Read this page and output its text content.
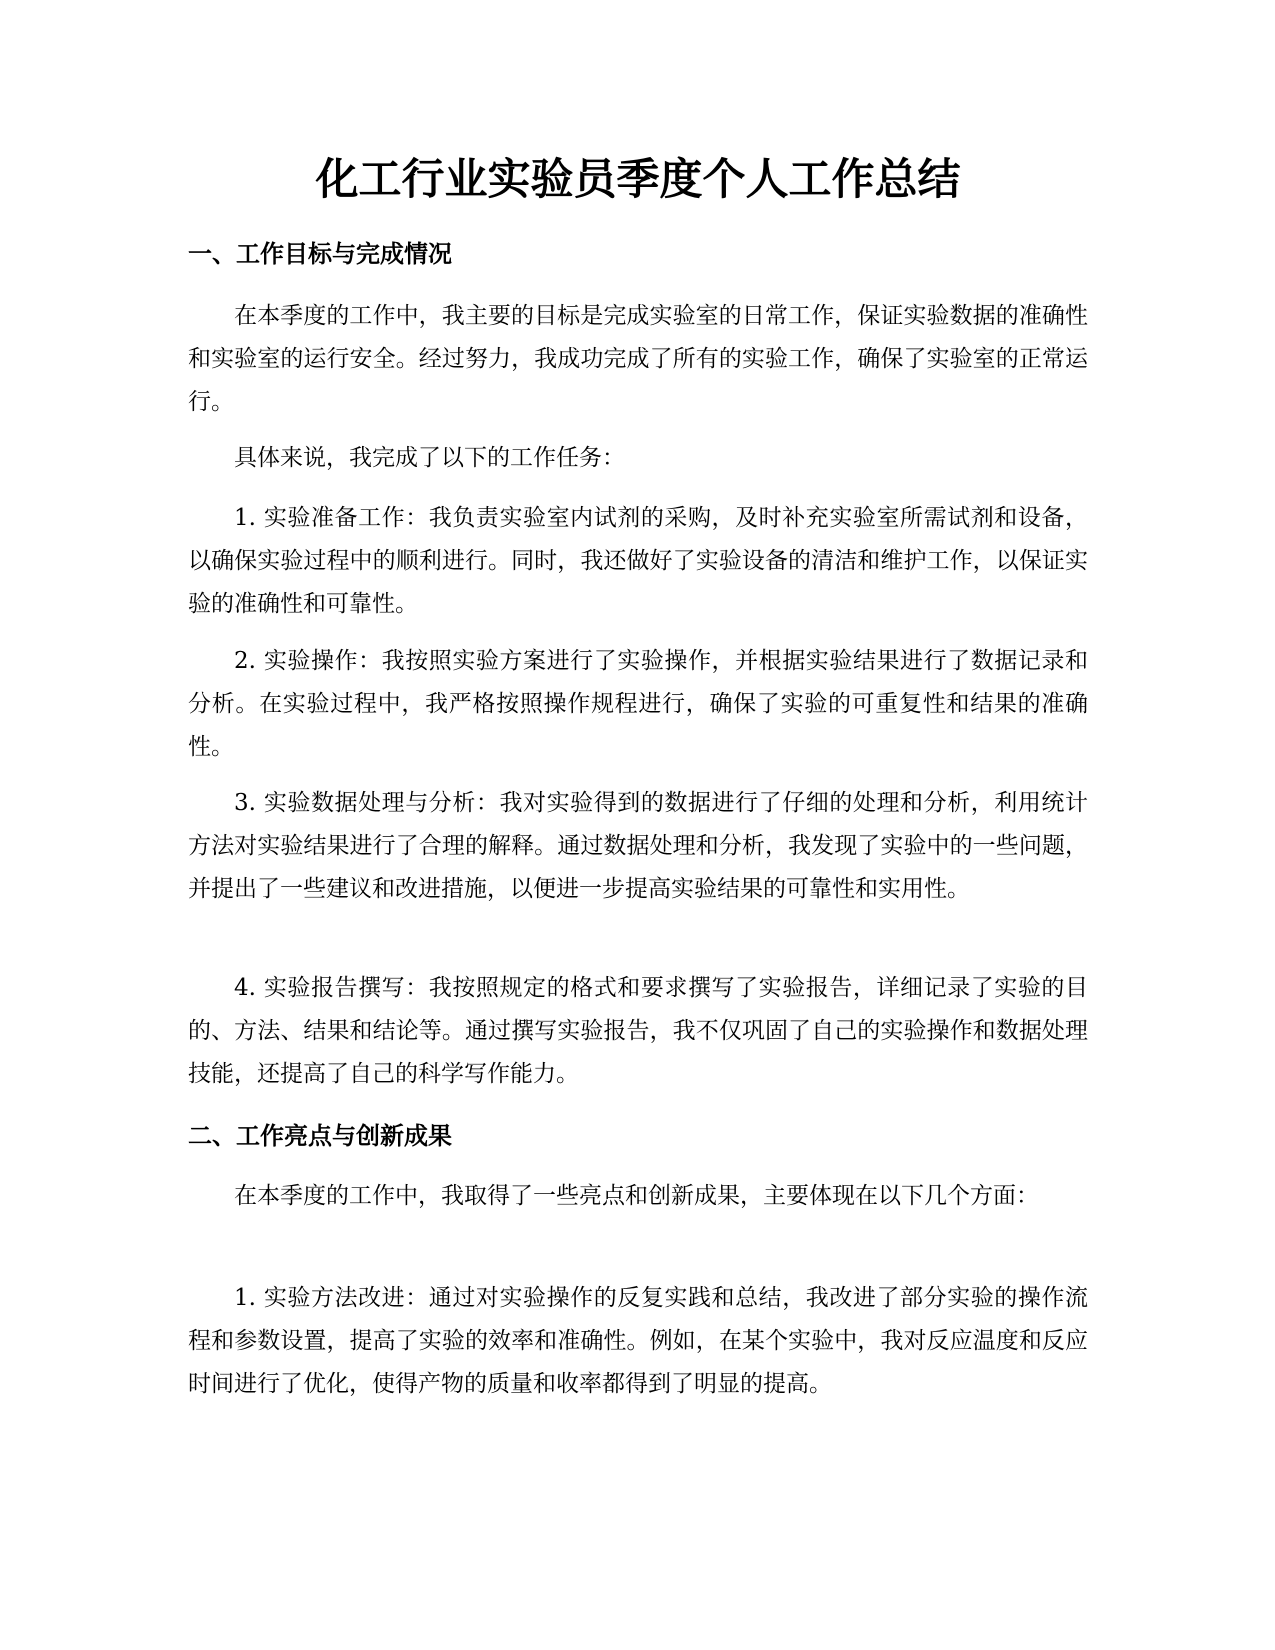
化工行业实验员季度个人工作总结
一、工作目标与完成情况

在本季度的工作中，我主要的目标是完成实验室的日常工作，保证实验数据的准确性和实验室的运行安全。经过努力，我成功完成了所有的实验工作，确保了实验室的正常运行。

具体来说，我完成了以下的工作任务：

1. 实验准备工作：我负责实验室内试剂的采购，及时补充实验室所需试剂和设备，以确保实验过程中的顺利进行。同时，我还做好了实验设备的清洁和维护工作，以保证实验的准确性和可靠性。

2. 实验操作：我按照实验方案进行了实验操作，并根据实验结果进行了数据记录和分析。在实验过程中，我严格按照操作规程进行，确保了实验的可重复性和结果的准确性。

3. 实验数据处理与分析：我对实验得到的数据进行了仔细的处理和分析，利用统计方法对实验结果进行了合理的解释。通过数据处理和分析，我发现了实验中的一些问题，并提出了一些建议和改进措施，以便进一步提高实验结果的可靠性和实用性。

4. 实验报告撰写：我按照规定的格式和要求撰写了实验报告，详细记录了实验的目的、方法、结果和结论等。通过撰写实验报告，我不仅巩固了自己的实验操作和数据处理技能，还提高了自己的科学写作能力。

二、工作亮点与创新成果

在本季度的工作中，我取得了一些亮点和创新成果，主要体现在以下几个方面：

1. 实验方法改进：通过对实验操作的反复实践和总结，我改进了部分实验的操作流程和参数设置，提高了实验的效率和准确性。例如，在某个实验中，我对反应温度和反应时间进行了优化，使得产物的质量和收率都得到了明显的提高。
